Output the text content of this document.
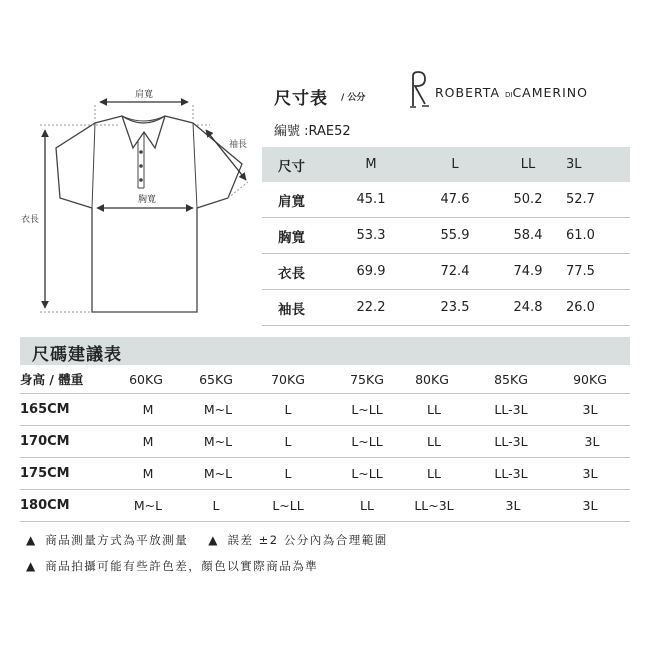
肩寬
袖長
胸寬
衣長
尺寸表 / 公分	ROBERTA DICAMERINO
編號 :RAE52
尺寸	M	L	LL	3L
肩寬	45.1	47.6	50.2	52.7
胸寬	53.3	55.9	58.4	61.0
衣長	69.9	72.4	74.9	77.5
袖長	22.2	23.5	24.8	26.0
尺碼建議表
身高 / 體重	60KG	65KG	70KG	75KG	80KG	85KG	90KG
165CM	M	M~L	L	L~LL	LL	LL-3L	3L
170CM	M	M~L	L	L~LL	LL	LL-3L	3L
175CM	M	M~L	L	L~LL	LL	LL-3L	3L
180CM	M~L	L	L~LL	LL	LL~3L	3L	3L
▲ 商品測量方式為平放測量 ▲ 誤差 ±2 公分內為合理範圍
▲ 商品拍攝可能有些許色差，顏色以實際商品為準
